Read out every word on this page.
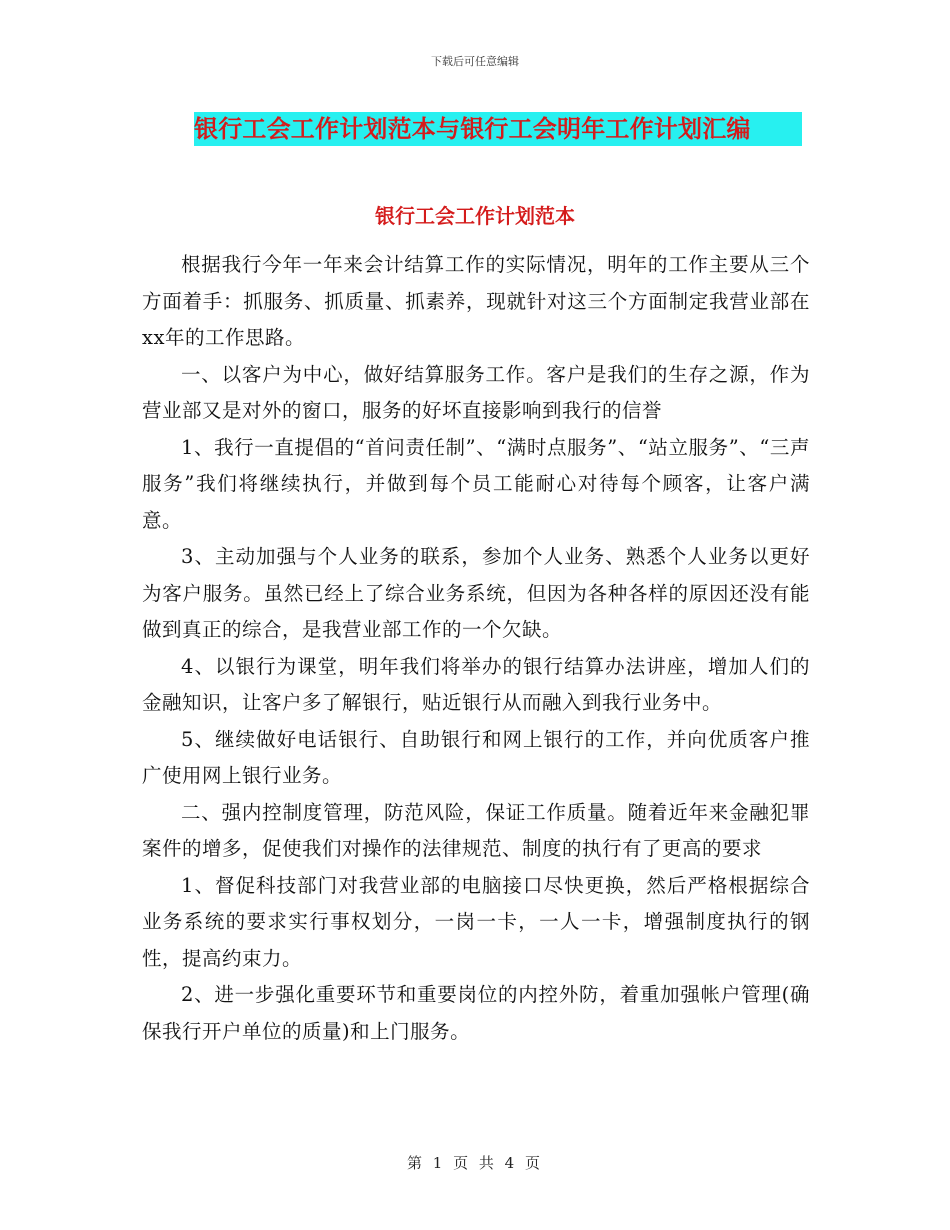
下载后可任意编辑
银行工会工作计划范本与银行工会明年工作计划汇编
银行工会工作计划范本

根据我行今年一年来会计结算工作的实际情况，明年的工作主要从三个方面着手：抓服务、抓质量、抓素养，现就针对这三个方面制定我营业部在xx年的工作思路。

一、以客户为中心，做好结算服务工作。客户是我们的生存之源，作为营业部又是对外的窗口，服务的好坏直接影响到我行的信誉

1、我行一直提倡的“首问责任制”、“满时点服务”、“站立服务”、“三声服务”我们将继续执行，并做到每个员工能耐心对待每个顾客，让客户满意。

3、主动加强与个人业务的联系，参加个人业务、熟悉个人业务以更好为客户服务。虽然已经上了综合业务系统，但因为各种各样的原因还没有能做到真正的综合，是我营业部工作的一个欠缺。

4、以银行为课堂，明年我们将举办的银行结算办法讲座，增加人们的金融知识，让客户多了解银行，贴近银行从而融入到我行业务中。

5、继续做好电话银行、自助银行和网上银行的工作，并向优质客户推广使用网上银行业务。

二、强内控制度管理，防范风险，保证工作质量。随着近年来金融犯罪案件的增多，促使我们对操作的法律规范、制度的执行有了更高的要求

1、督促科技部门对我营业部的电脑接口尽快更换，然后严格根据综合业务系统的要求实行事权划分，一岗一卡，一人一卡，增强制度执行的钢性，提高约束力。

2、进一步强化重要环节和重要岗位的内控外防，着重加强帐户管理(确保我行开户单位的质量)和上门服务。

第 1 页 共 4 页
